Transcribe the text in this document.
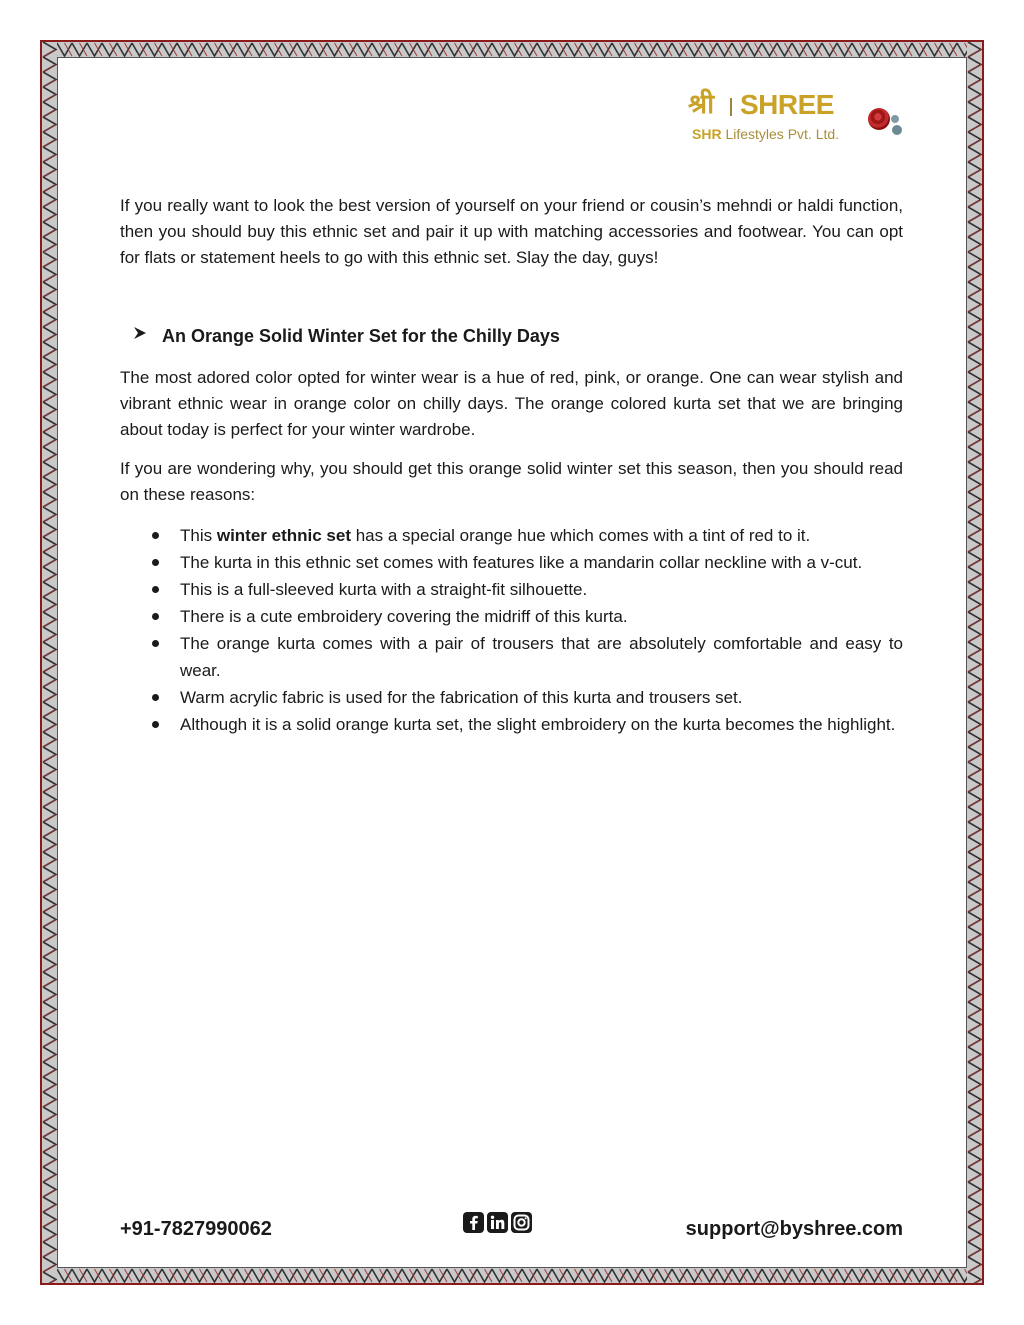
श्री SHREE
SHR Lifestyles Pvt. Ltd.

If you really want to look the best version of yourself on your friend or cousin’s mehndi or haldi function, then you should buy this ethnic set and pair it up with matching accessories and footwear. You can opt for flats or statement heels to go with this ethnic set. Slay the day, guys!

An Orange Solid Winter Set for the Chilly Days

The most adored color opted for winter wear is a hue of red, pink, or orange. One can wear stylish and vibrant ethnic wear in orange color on chilly days. The orange colored kurta set that we are bringing about today is perfect for your winter wardrobe.

If you are wondering why, you should get this orange solid winter set this season, then you should read on these reasons:

This winter ethnic set has a special orange hue which comes with a tint of red to it.
The kurta in this ethnic set comes with features like a mandarin collar neckline with a v-cut.
This is a full-sleeved kurta with a straight-fit silhouette.
There is a cute embroidery covering the midriff of this kurta.
The orange kurta comes with a pair of trousers that are absolutely comfortable and easy to wear.
Warm acrylic fabric is used for the fabrication of this kurta and trousers set.
Although it is a solid orange kurta set, the slight embroidery on the kurta becomes the highlight.
+91-7827990062	support@byshree.com
